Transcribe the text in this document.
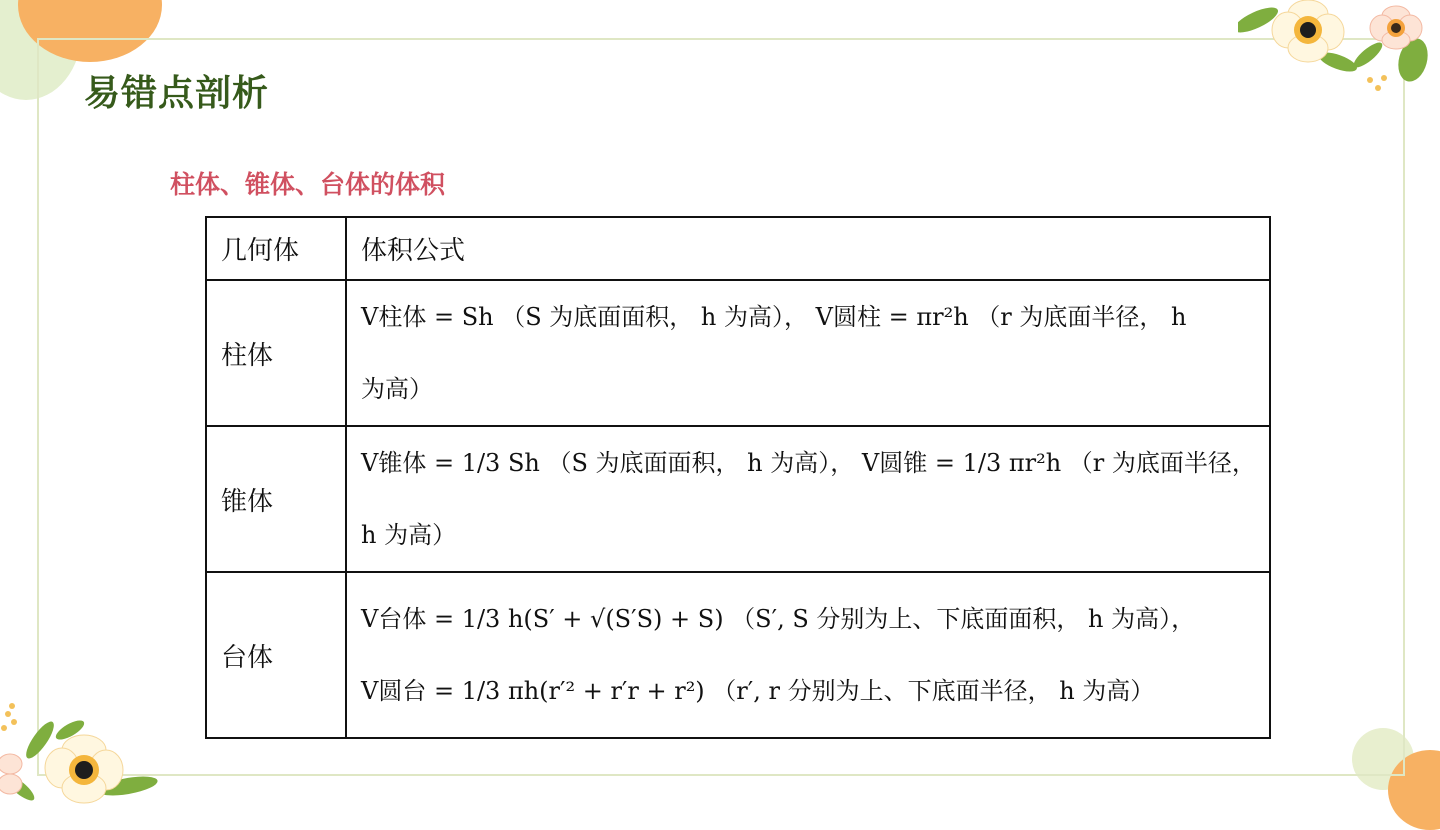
易错点剖析
柱体、锥体、台体的体积
几何体	体积公式
柱体	V柱体 = Sh （S 为底面面积， h 为高）， V圆柱 = πr²h （r 为底面半径， h
为高）

锥体	V锥体 = 1/3 Sh （S 为底面面积， h 为高）， V圆锥 = 1/3 πr²h （r 为底面半径，
h 为高）

台体	V台体 = 1/3 h(S′ + √(S′S) + S) （S′, S 分别为上、下底面面积， h 为高），
V圆台 = 1/3 πh(r′² + r′r + r²) （r′, r 分别为上、下底面半径， h 为高）
